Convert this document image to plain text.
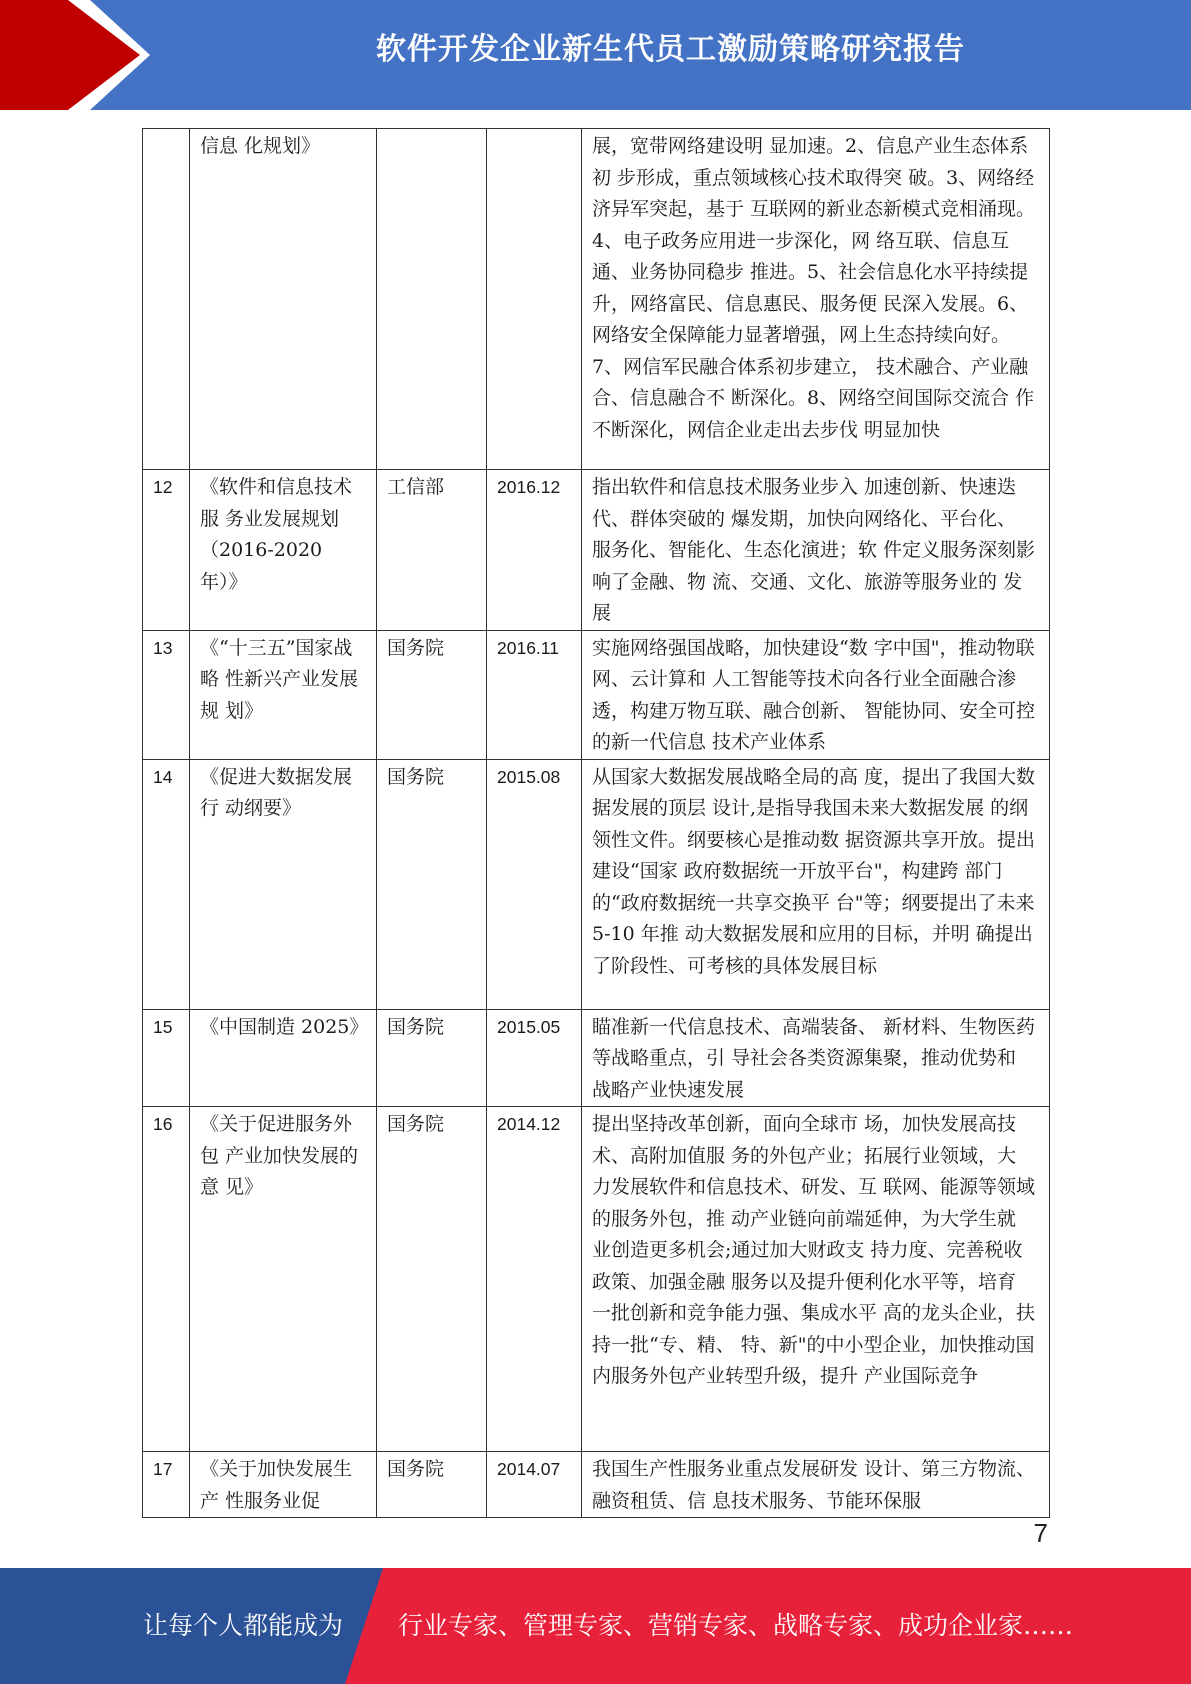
软件开发企业新生代员工激励策略研究报告
	信息 化规划》			展，宽带网络建设明 显加速。2、信息产业生态体系初 步形成，重点领域核心技术取得突 破。3、网络经济异军突起，基于 互联网的新业态新模式竞相涌现。 4、电子政务应用进一步深化，网 络互联、信息互通、业务协同稳步 推进。5、社会信息化水平持续提 升，网络富民、信息惠民、服务便 民深入发展。6、网络安全保障能力显著增强，网上生态持续向好。 7、网信军民融合体系初步建立， 技术融合、产业融合、信息融合不 断深化。8、网络空间国际交流合 作不断深化，网信企业走出去步伐 明显加快
12	《软件和信息技术服 务业发展规划（2016-2020 年）》	工信部	2016.12	指出软件和信息技术服务业步入 加速创新、快速迭代、群体突破的 爆发期，加快向网络化、平台化、 服务化、智能化、生态化演进；软 件定义服务深刻影响了金融、物 流、交通、文化、旅游等服务业的 发展
13	《“十三五”国家战略 性新兴产业发展规 划》	国务院	2016.11	实施网络强国战略，加快建设“数 字中国"，推动物联网、云计算和 人工智能等技术向各行业全面融合渗透，构建万物互联、融合创新、 智能协同、安全可控的新一代信息 技术产业体系
14	《促进大数据发展行 动纲要》	国务院	2015.08	从国家大数据发展战略全局的高 度，提出了我国大数据发展的顶层 设计,是指导我国未来大数据发展 的纲领性文件。纲要核心是推动数 据资源共享开放。提出建设“国家 政府数据统一开放平台"，构建跨 部门的“政府数据统一共享交换平 台"等；纲要提出了未来 5-10 年推 动大数据发展和应用的目标，并明 确提出了阶段性、可考核的具体发展目标
15	《中国制造 2025》	国务院	2015.05	瞄准新一代信息技术、高端装备、 新材料、生物医药等战略重点，引 导社会各类资源集聚，推动优势和 战略产业快速发展
16	《关于促进服务外包 产业加快发展的意 见》	国务院	2014.12	提出坚持改革创新，面向全球市 场，加快发展高技术、高附加值服 务的外包产业；拓展行业领域，大 力发展软件和信息技术、研发、互 联网、能源等领域的服务外包，推 动产业链向前端延伸，为大学生就 业创造更多机会;通过加大财政支 持力度、完善税收政策、加强金融 服务以及提升便利化水平等，培育 一批创新和竞争能力强、集成水平 高的龙头企业，扶持一批“专、精、 特、新"的中小型企业，加快推动国内服务外包产业转型升级，提升 产业国际竞争
17	《关于加快发展生产 性服务业促	国务院	2014.07	我国生产性服务业重点发展研发 设计、第三方物流、融资租赁、信 息技术服务、节能环保服
7
让每个人都能成为 行业专家、管理专家、营销专家、战略专家、成功企业家……
